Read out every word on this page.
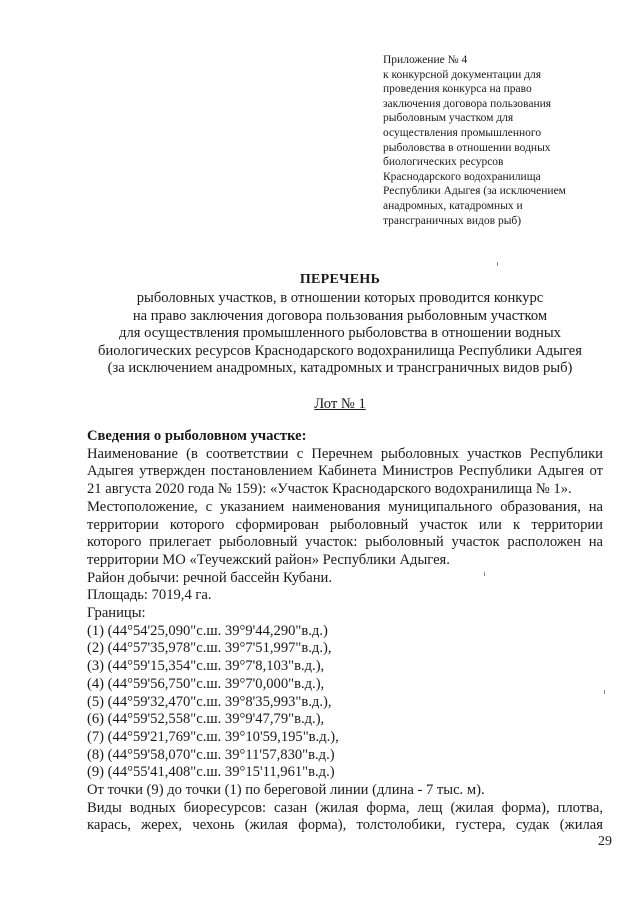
Приложение № 4
к конкурсной документации для
проведения конкурса на право
заключения договора пользования
рыболовным участком для
осуществления промышленного
рыболовства в отношении водных
биологических ресурсов
Краснодарского водохранилища
Республики Адыгея (за исключением
анадромных, катадромных и
трансграничных видов рыб)
ПЕРЕЧЕНЬ
рыболовных участков, в отношении которых проводится конкурс
на право заключения договора пользования рыболовным участком
для осуществления промышленного рыболовства в отношении водных
биологических ресурсов Краснодарского водохранилища Республики Адыгея
(за исключением анадромных, катадромных и трансграничных видов рыб)
Лот № 1
Сведения о рыболовном участке:
Наименование (в соответствии с Перечнем рыболовных участков Республики
Адыгея утвержден постановлением Кабинета Министров Республики Адыгея от
21 августа 2020 года № 159): «Участок Краснодарского водохранилища № 1».
Местоположение, с указанием наименования муниципального образования, на
территории которого сформирован рыболовный участок или к территории
которого прилегает рыболовный участок: рыболовный участок расположен на
территории МО «Теучежский район» Республики Адыгея.
Район добычи: речной бассейн Кубани.
Площадь: 7019,4 га.
Границы:
(1) (44°54'25,090"с.ш. 39°9'44,290"в.д.)
(2) (44°57'35,978"с.ш. 39°7'51,997"в.д.),
(3) (44°59'15,354"с.ш. 39°7'8,103"в.д.),
(4) (44°59'56,750"с.ш. 39°7'0,000"в.д.),
(5) (44°59'32,470"с.ш. 39°8'35,993"в.д.),
(6) (44°59'52,558"с.ш. 39°9'47,79"в.д.),
(7) (44°59'21,769"с.ш. 39°10'59,195"в.д.),
(8) (44°59'58,070"с.ш. 39°11'57,830"в.д.)
(9) (44°55'41,408"с.ш. 39°15'11,961"в.д.)
От точки (9) до точки (1) по береговой линии (длина - 7 тыс. м).
Виды водных биоресурсов: сазан (жилая форма, лещ (жилая форма), плотва,
карась, жерех, чехонь (жилая форма), толстолобики, густера, судак (жилая
29
